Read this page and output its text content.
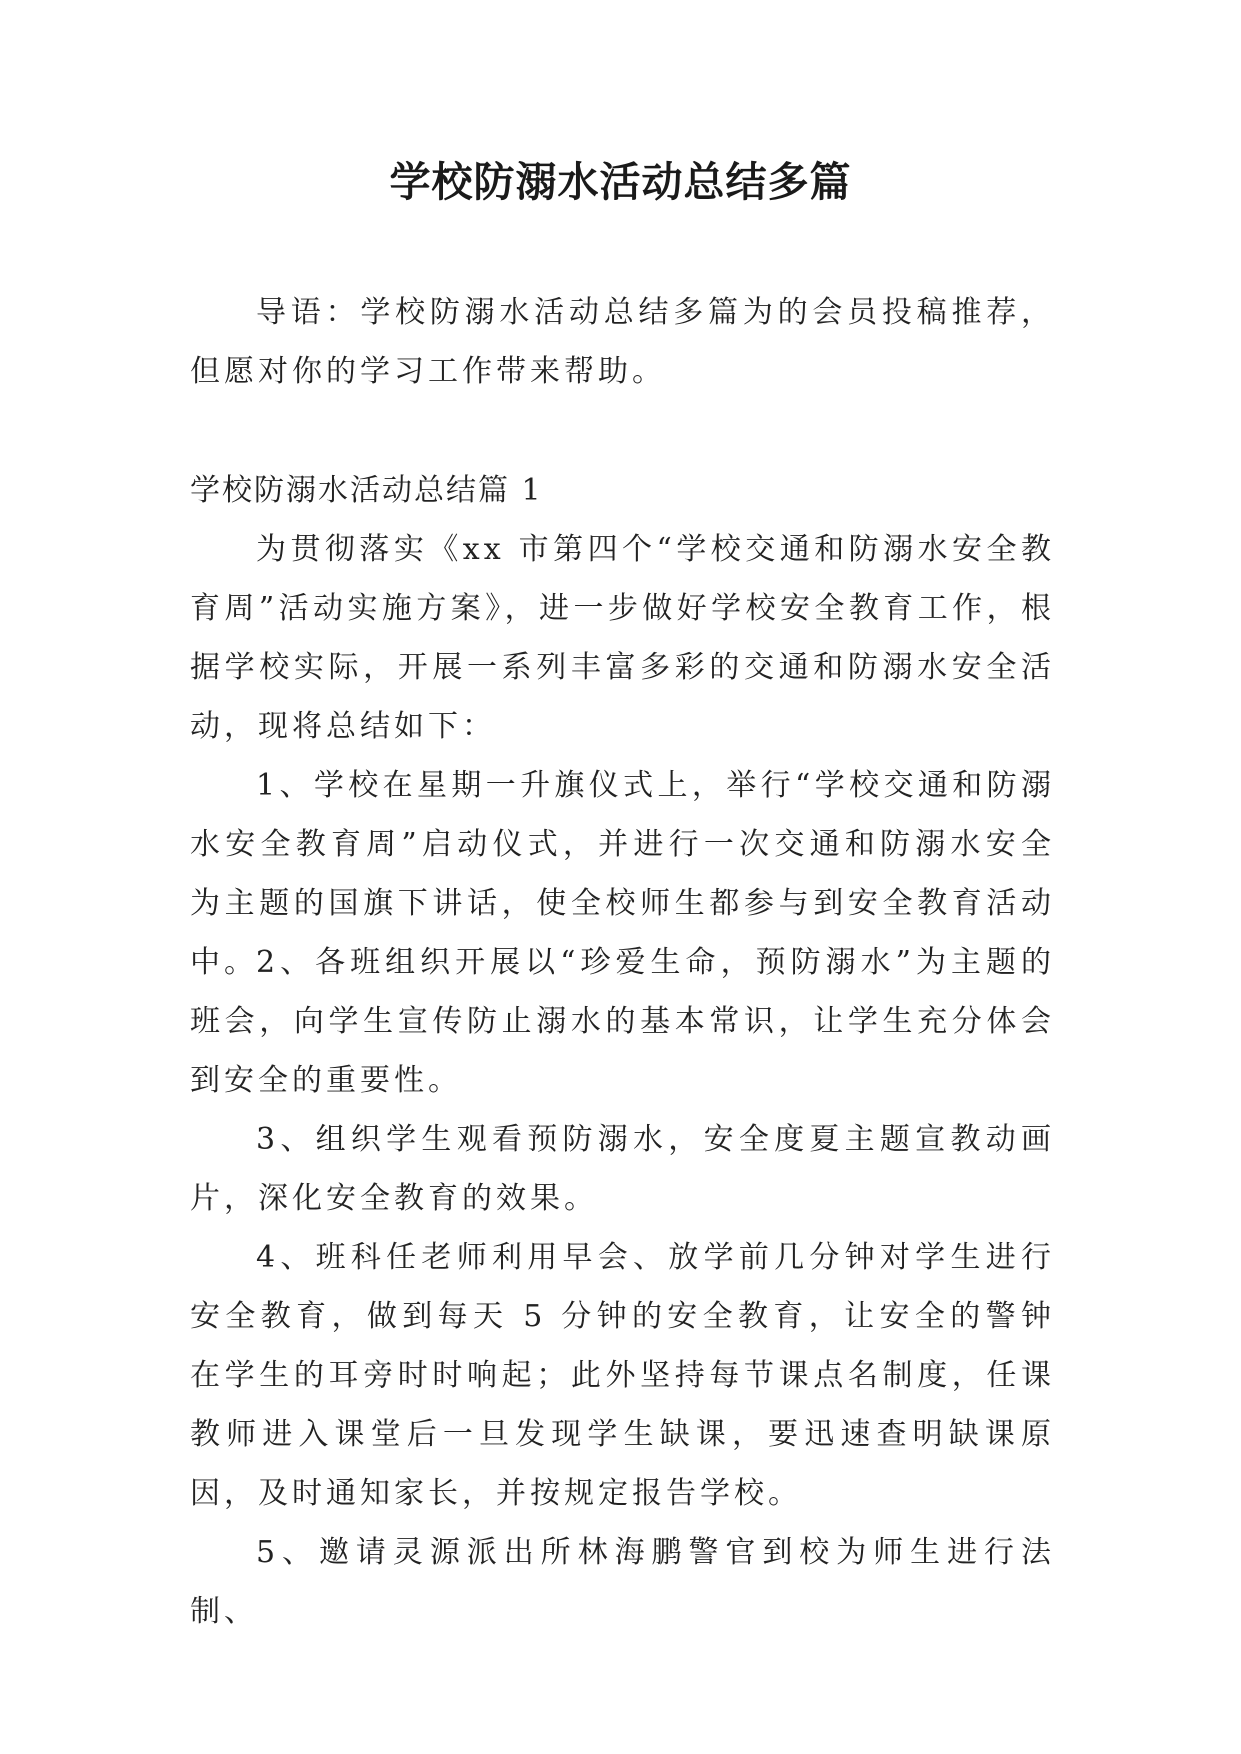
学校防溺水活动总结多篇

导语：学校防溺水活动总结多篇为的会员投稿推荐，但愿对你的学习工作带来帮助。

学校防溺水活动总结篇 1

为贯彻落实《xx 市第四个“学校交通和防溺水安全教育周”活动实施方案》，进一步做好学校安全教育工作，根据学校实际，开展一系列丰富多彩的交通和防溺水安全活动，现将总结如下：

1、学校在星期一升旗仪式上，举行“学校交通和防溺水安全教育周”启动仪式，并进行一次交通和防溺水安全为主题的国旗下讲话，使全校师生都参与到安全教育活动中。

2、各班组织开展以“珍爱生命，预防溺水”为主题的班会，向学生宣传防止溺水的基本常识，让学生充分体会到安全的重要性。

3、组织学生观看预防溺水，安全度夏主题宣教动画片，深化安全教育的效果。

4、班科任老师利用早会、放学前几分钟对学生进行安全教育，做到每天 5 分钟的安全教育，让安全的警钟在学生的耳旁时时响起；此外坚持每节课点名制度，任课教师进入课堂后一旦发现学生缺课，要迅速查明缺课原因，及时通知家长，并按规定报告学校。

5、邀请灵源派出所林海鹏警官到校为师生进行法制、
